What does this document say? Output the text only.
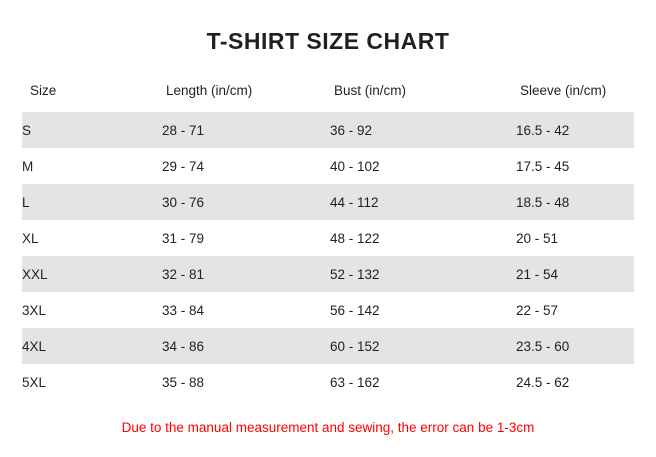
T-SHIRT SIZE CHART
Size	Length (in/cm)	Bust (in/cm)	Sleeve (in/cm)
S	28 - 71	36 - 92	16.5 - 42
M	29 - 74	40 - 102	17.5 - 45
L	30 - 76	44 - 112	18.5 - 48
XL	31 - 79	48 - 122	20 - 51
XXL	32 - 81	52 - 132	21 - 54
3XL	33 - 84	56 - 142	22 - 57
4XL	34 - 86	60 - 152	23.5 - 60
5XL	35 - 88	63 - 162	24.5 - 62
Due to the manual measurement and sewing, the error can be 1-3cm
